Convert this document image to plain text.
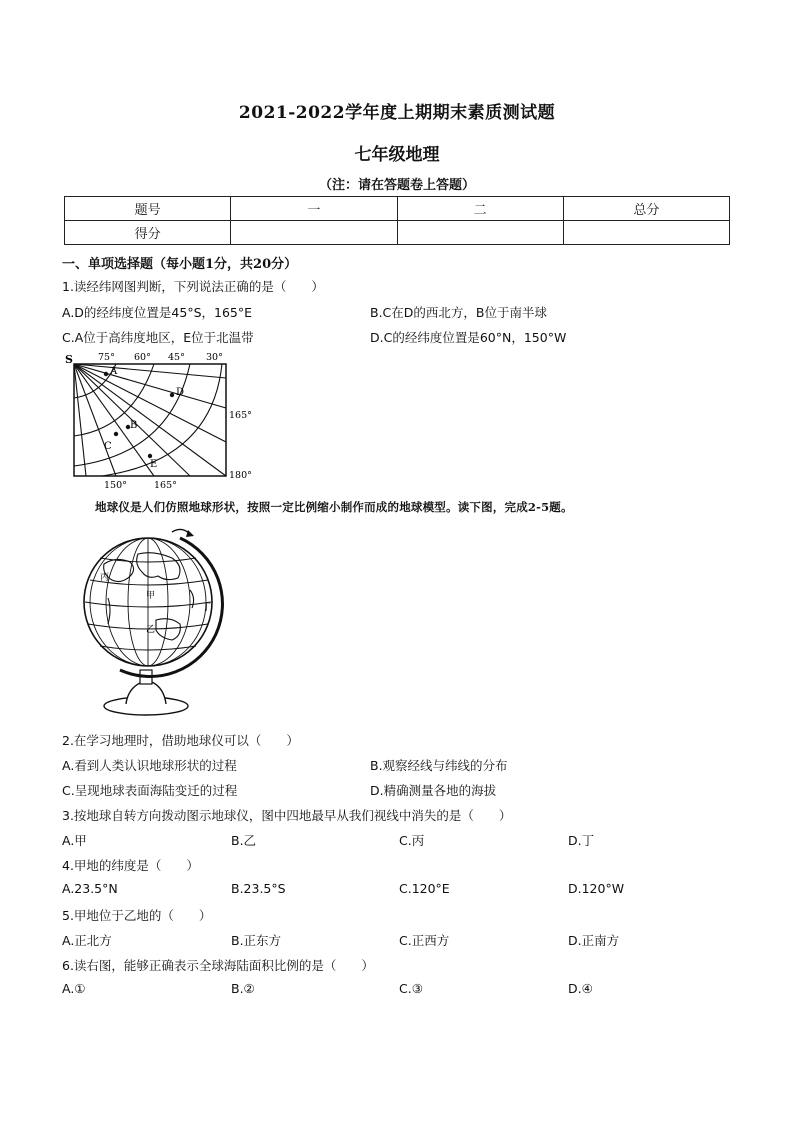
2021-2022学年度上期期末素质测试题
七年级地理
（注：请在答题卷上答题）
题号	一	二	总分
得分			
一、单项选择题（每小题1分，共20分）
1.读经纬网图判断，下列说法正确的是（　　）
A.D的经纬度位置是45°S，165°E	B.C在D的西北方，B位于南半球
C.A位于高纬度地区，E位于北温带	D.C的经纬度位置是60°N，150°W
S	75° 60° 45° 30°
165°
180°
150°	165°
A
B
C
D
E
地球仪是人们仿照地球形状，按照一定比例缩小制作而成的地球模型。读下图，完成2-5题。
丙
甲
乙
丁
2.在学习地理时，借助地球仪可以（　　）
A.看到人类认识地球形状的过程	B.观察经线与纬线的分布
C.呈现地球表面海陆变迁的过程	D.精确测量各地的海拔
3.按地球自转方向拨动图示地球仪，图中四地最早从我们视线中消失的是（　　）
A.甲	B.乙	C.丙	D.丁
4.甲地的纬度是（　　）
A.23.5°N	B.23.5°S	C.120°E	D.120°W
5.甲地位于乙地的（　　）
A.正北方	B.正东方	C.正西方	D.正南方
6.读右图，能够正确表示全球海陆面积比例的是（　　）
A.①	B.②	C.③	D.④
